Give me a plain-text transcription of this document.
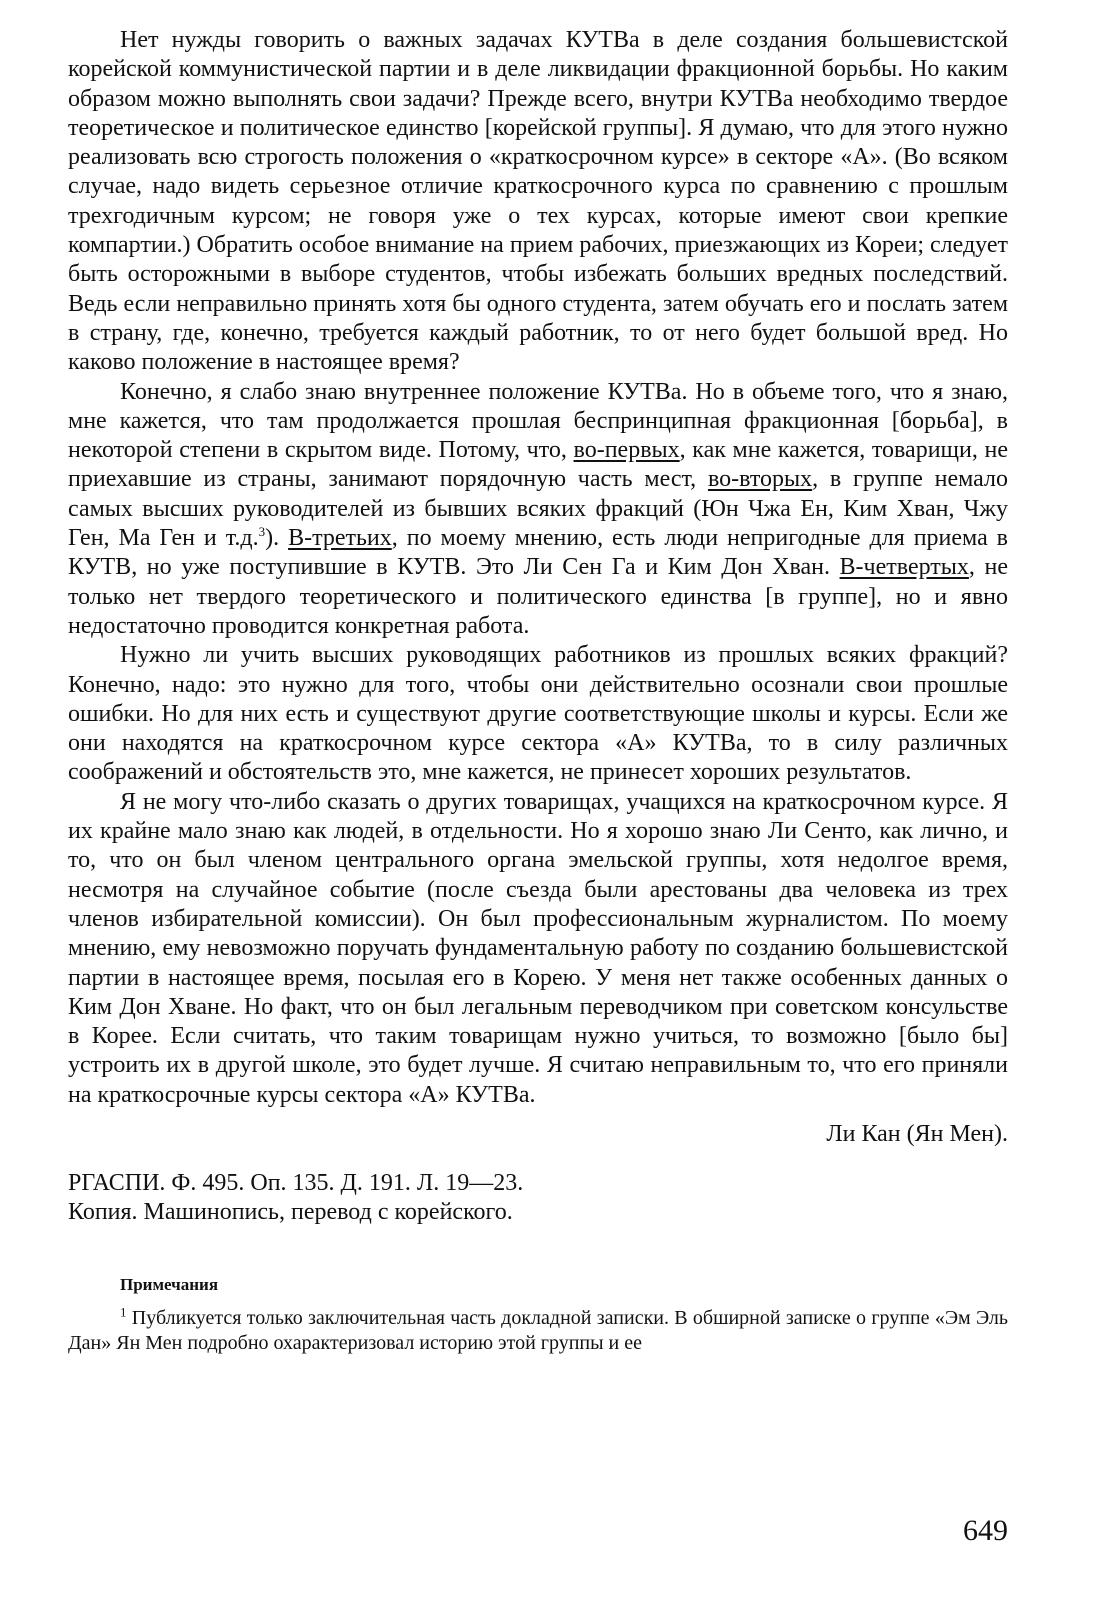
Нет нужды говорить о важных задачах КУТВа в деле создания большевистской корейской коммунистической партии и в деле ликвидации фракционной борьбы. Но каким образом можно выполнять свои задачи? Прежде всего, внутри КУТВа необходимо твердое теоретическое и политическое единство [корейской группы]. Я думаю, что для этого нужно реализовать всю строгость положения о «краткосрочном курсе» в секторе «А». (Во всяком случае, надо видеть серьезное отличие краткосрочного курса по сравнению с прошлым трехгодичным курсом; не говоря уже о тех курсах, которые имеют свои крепкие компартии.) Обратить особое внимание на прием рабочих, приезжающих из Кореи; следует быть осторожными в выборе студентов, чтобы избежать больших вредных последствий. Ведь если неправильно принять хотя бы одного студента, затем обучать его и послать затем в страну, где, конечно, требуется каждый работник, то от него будет большой вред. Но каково положение в настоящее время?

Конечно, я слабо знаю внутреннее положение КУТВа. Но в объеме того, что я знаю, мне кажется, что там продолжается прошлая беспринципная фракционная [борьба], в некоторой степени в скрытом виде. Потому, что, во-первых, как мне кажется, товарищи, не приехавшие из страны, занимают порядочную часть мест, во-вторых, в группе немало самых высших руководителей из бывших всяких фракций (Юн Чжа Ен, Ким Хван, Чжу Ген, Ма Ген и т.д.$^3$). В-третьих, по моему мнению, есть люди непригодные для приема в КУТВ, но уже поступившие в КУТВ. Это Ли Сен Га и Ким Дон Хван. В-четвертых, не только нет твердого теоретического и политического единства [в группе], но и явно недостаточно проводится конкретная работа.

Нужно ли учить высших руководящих работников из прошлых всяких фракций? Конечно, надо: это нужно для того, чтобы они действительно осознали свои прошлые ошибки. Но для них есть и существуют другие соответствующие школы и курсы. Если же они находятся на краткосрочном курсе сектора «А» КУТВа, то в силу различных соображений и обстоятельств это, мне кажется, не принесет хороших результатов.

Я не могу что-либо сказать о других товарищах, учащихся на краткосрочном курсе. Я их крайне мало знаю как людей, в отдельности. Но я хорошо знаю Ли Сенто, как лично, и то, что он был членом центрального органа эмельской группы, хотя недолгое время, несмотря на случайное событие (после съезда были арестованы два человека из трех членов избирательной комиссии). Он был профессиональным журналистом. По моему мнению, ему невозможно поручать фундаментальную работу по созданию большевистской партии в настоящее время, посылая его в Корею. У меня нет также особенных данных о Ким Дон Хване. Но факт, что он был легальным переводчиком при советском консульстве в Корее. Если считать, что таким товарищам нужно учиться, то возможно [было бы] устроить их в другой школе, это будет лучше. Я считаю неправильным то, что его приняли на краткосрочные курсы сектора «А» КУТВа.

Ли Кан (Ян Мен).

РГАСПИ. Ф. 495. Оп. 135. Д. 191. Л. 19—23.
Копия. Машинопись, перевод с корейского.
Примечания

$^1$ Публикуется только заключительная часть докладной записки. В обширной записке о группе «Эм Эль Дан» Ян Мен подробно охарактеризовал историю этой группы и ее

649
